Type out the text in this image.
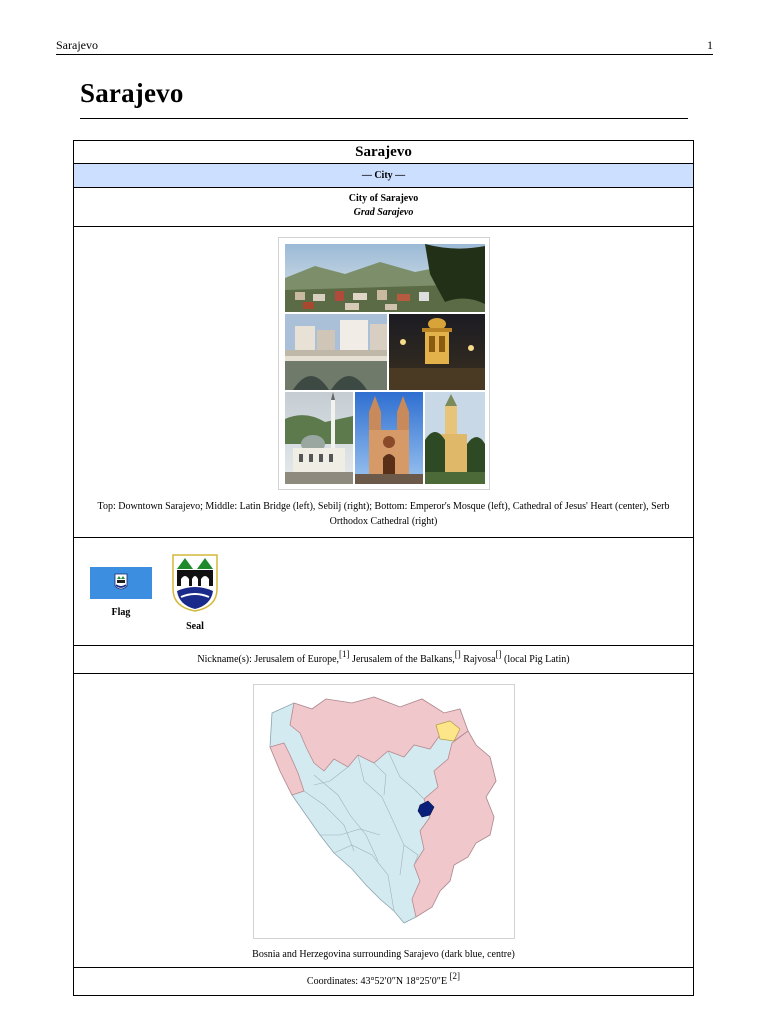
Sarajevo	1
Sarajevo
Sarajevo
— City —
City of Sarajevo
Grad Sarajevo
Top: Downtown Sarajevo; Middle: Latin Bridge (left), Sebilj (right); Bottom: Emperor's Mosque (left), Cathedral of Jesus' Heart (center), Serb Orthodox Cathedral (right)
Flag
Seal
Nickname(s): Jerusalem of Europe,[1] Jerusalem of the Balkans,[] Rajvosa[] (local Pig Latin)
Bosnia and Herzegovina surrounding Sarajevo (dark blue, centre)
Coordinates: 43°52′0″N 18°25′0″E [2]
